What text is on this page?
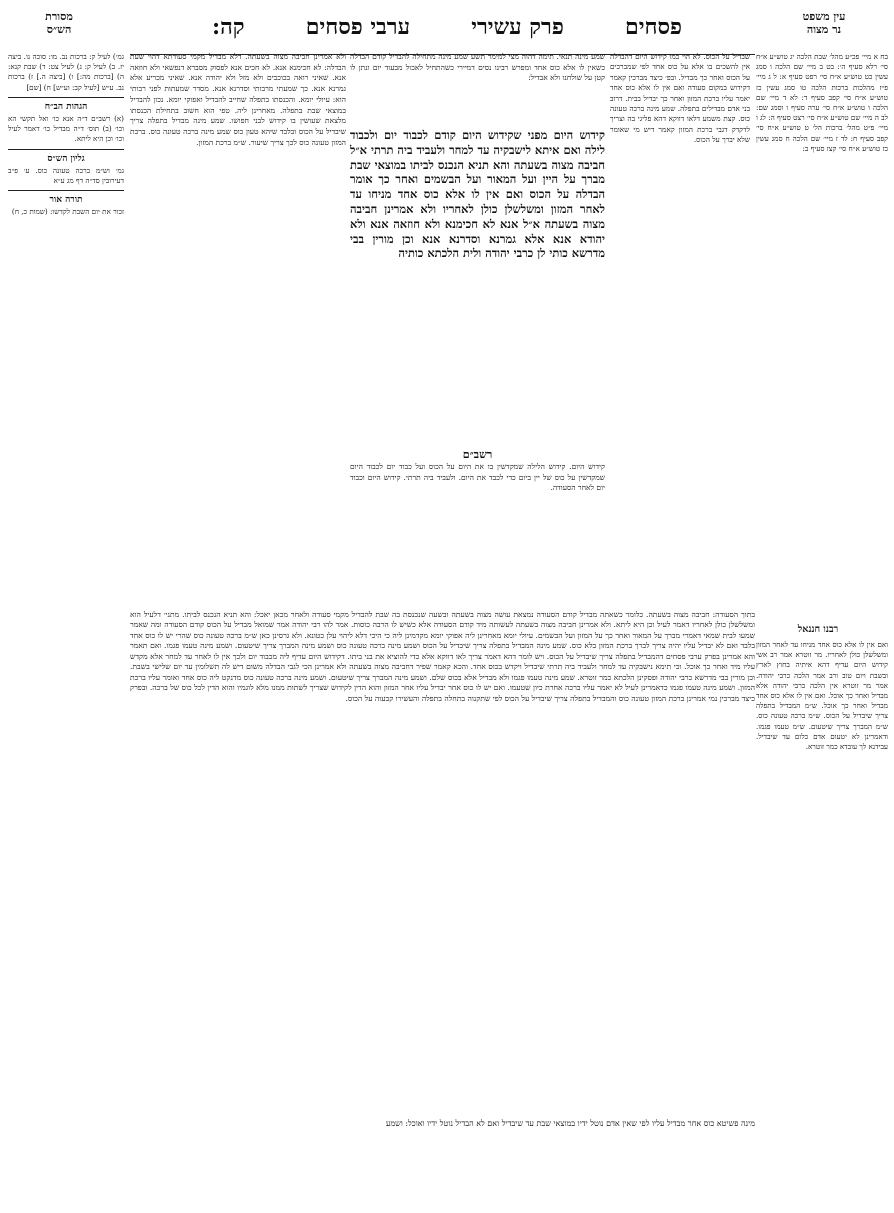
מסורת
הש״ס	פסחים
פרק עשירי
ערבי פסחים
קה:	עין משפט
נר מצוה
גמ׳) לעיל ק: ברכות נב. מו: סוכה נו. ביצה יז. ב) לעיל ק: ג) לעיל צט: ד) שבת קנא: ה) [ברכות מה:] ו) [ביצה ה.] ז) ברכות נב. ע״ש [לעיל קב: וע״ש] ח) [שם]
הגהות הב״ח
(א) רשב״ם ד״ה אנא כו׳ ואל תקשי הא וכו׳ (ב) תוס׳ ד״ה מבדיל כו׳ דאמר לעיל וכו׳ וכן היא ליתא.
גליון הש״ס
גמ׳ וש״מ ברכה טעונה כוס. ע׳ פ״ב דעירובין סד״ה דף מג ע״א
תורה אור
זכור את יום השבת לקדשו: (שמות כ, ח)
בח א מיי׳ פכ״ע מהל׳ שבת הלכה יג טוש״ע א״ח סי׳ רלא סעיף ה׳: בט ב מיי׳ שם הלכה ו סמג עשין כט טוש״ע א״ח סי׳ רפט סעיף א: ל ג מיי׳ פ״ז מהלכות ברכות הלכה טו סמג עשין כז טוש״ע א״ח סי׳ קפב סעיף ד: לא ד מיי׳ שם הלכה ו טוש״ע א״ח סי׳ ערה סעיף ו וסמג שם: לב ה מיי׳ שם טוש״ע א״ח סי׳ רצט סעיף ה: לג ו מיי׳ פ״ט מהל׳ ברכות הל׳ ט טוש״ע א״ח סי׳ קפב סעיף ח: לד ז מיי׳ שם הלכה ח סמג עשין כז טוש״ע א״ח סי׳ קצז סעיף ב:
ולא אמרינן חביבה מצוה בשעתה. דלא מבדיל מקמי סעודתא דהוי שעת הבדלה: לא חכימנא אנא. לא חכים אנא לפסוק מסברא דנפשאי ולא חוזאה אנא. שאיני רואה בכוכבים ולא מזל ולא יהודה אנא. שאיני מכריע אלא גמרנא אנא. כך שמעתי מרבותי וסדרנא אנא. מסדר שמעתות לפני רבותי הוא: עיולי יומא. והכנסתו בתפלה שחייב להבדיל ואפוקי יומא. נכון להבדיל במוצאי שבת בתפלה. מאחרינן ליה. טפי הוא חשוב בתחילת הכנסתו מלצאת שעושין בו קידוש לבני חפושו. שמע מינה מבדיל בתפלה צריך שיבדיל על הכוס ובלבד שיהא טעון כוס שמע מינה ברכה טעונה כוס. ברכת המזון טעונה כוס לכך צריך שיעור. ש״מ ברכת המזון.
שמע מינה תנאי. תימה דהוה מצי למימר תשע שמע מינה מתחילה להבדיל קודם הבדלה כשאין לו אלא כוס אחד ומפרש רבינו נסים דמיירי כשהתחיל לאכול מבעוד יום ונתן לו קטן על שולחנו ולא אבדיל:
שבדיל על הכוס. לא הוי כמו קידוש היום דהבדלה אין להשכים בו אלא על כוס אחד לפי שמברכים על הכוס ואחר כך מבדיל. ובפ׳ כיצד מברכין קאמר דקידוש במקום סעודה ואם אין לו אלא כוס אחד יאמר עליו ברכת המזון ואחר כך יבדיל בבית. דרוב בני אדם מבדילים בתפלה. שמע מינה ברכה טעונה כוס. קצת משמע דלאו דווקא דהא פליגי בה וצריך לדקדק דגבי ברכת המזון קאמר דיש מי שאומר שלא יברך על הכוס.
קידוש היום מפני שקידוש היום קודם לכבוד יום ולכבוד לילה ואם איתא לישבקיה עד למחר ולעביד ביה תרתי א״ל חביבה מצוה בשעתה והא תניא הנכנס לביתו במוצאי שבת מברך על היין ועל המאור ועל הבשמים ואחר כך אומר הבדלה על הכוס ואם אין לו אלא כוס אחד מניחו עד לאחר המזון ומשלשלן כולן לאחריו ולא אמרינן חביבה מצוה בשעתה א״ל אנא לא חכימנא ולא חוזאה אנא ולא יהודא אנא אלא גמרנא וסדרנא אנא וכן מורין בבי מדרשא כותי לן כרבי יהודה ולית הלכתא כותיה
רשב״ם
קידוש היום. קידוש הלילה שמקדשין בו את היום על הכוס ועל כבוד יום לכבוד היום שמקדשין על כוס של יין ביום כדי לכבד את היום. ולעביד ביה תרתי. קידוש היום וכבוד יום לאחר הסעודה.
בתוך הסעודה: חביבה מצוה בשעתה. כלומר כשאתה מבדיל קודם הסעודה נמצאת עושה מצוה בשעתה ובשעה שנכנסת בה שבת להבדיל מקמי סעודה ולאחר מכאן יאכל: והא תניא הנכנס לביתו. מתני׳ דלעיל הוא ומשלשלן כולן לאחריו דאמר לעיל וכן היא ליתא. ולא אמרינן חביבה מצוה בשעתה לעשותה מיד קודם הסעודה אלא כשיש לו הרבה כוסות. אמר להו רבי יהודה אמר שמואל מבדיל על הכוס קודם הסעודה ומה שאמר שמעו לבית שמאי דאמרי מברך על המאור ואחר כך על המזון ועל הבשמים. עיולי יומא מאחרינן ליה אפוקי יומא מקדמינן ליה כי היכי דלא ליהוי עלן כטונא. ולא גרסינן כאן ש״מ ברכה טעונה כוס שהרי יש לו כוס אחד בלבד ואם לא יבדיל עליו יהיה צריך לברך ברכת המזון בלא כוס. שמע מינה המבדיל בתפלה צריך שיבדיל על הכוס ושמע מינה ברכה טעונה כוס ושמע מינה המברך צריך שיטעום. ושמע מינה טעמו פגמו. ואם תאמר והא אמרינן בפרק ערבי פסחים דהמבדיל בתפלה צריך שיבדיל על הכוס. ויש לומר דהא דאמר צריך לאו דווקא אלא כדי להוציא את בני ביתו. דקידוש היום עדיף ליה מכבוד יום ולכך אין לו לאחר עד למחר אלא מקדש עליו מיד ואחר כך אוכל. וכי תימא נישבקיה עד למחר ולעביד ביה תרתי שיבדיל ויקדש בכוס אחד. והכא קאמר שפיר דחביבה מצוה בשעתה ולא אמרינן הכי לגבי הבדלה משום דיש לה תשלומין עד יום שלישי בשבת. וכן מורין בבי מדרשא כרבי יהודה ופסקינן הלכתא כמר זוטרא. שמע מינה טעמו פגמו ולא מבדיל אלא בכוס שלם. ושמע מינה המברך צריך שיטעום. ושמע מינה ברכה טעונה כוס מדנקט ליה כוס אחד ואומר עליו ברכת המזון. ושמע מינה טעמו פגמו כדאמרינן לעיל לא יאמר עליו ברכה אחרת כיון שטעמו. ואם יש לו כוס אחר יבדיל עליו אחר המזון והוא הדין לקידוש שצריך לשתות ממנו מלא לוגמיו והוא הדין לכל כוס של ברכה. ובפרק כיצד מברכין נמי אמרינן ברכת המזון טעונה כוס והמבדיל בתפלה צריך שיבדיל על הכוס לפי שתקנוה בתחלה בתפלה והעשירו קבעוה על הכוס.
רבנו חננאל
ואם אין לו אלא כוס אחד מניחו עד לאחר המזון ומשלשלן כולן לאחריו. מר זוטרא אמר רב אשי קידוש היום עדיף דהא איתיה בחוץ לארץ ובשבת ויום טוב ורב אמר הלכה כרבי יהודה. אמר מר זוטרא אין הלכה כרבי יהודה אלא מבדיל ואחר כך אוכל. ואם אין לו אלא כוס אחד מבדיל ואחר כך אוכל. ש״מ המבדיל בתפלה צריך שיבדיל על הכוס. ש״מ ברכה טעונה כוס. ש״מ המברך צריך שיטעום. ש״מ טעמו פגמו. ודאמרינן לא יטעום אדם כלום עד שיבדיל. עבידנא לך עובדא כמר זוטרא.
מינה פשיטא כוס אחר מבדיל עליו לפי שאין אדם נוטל ידיו במוצאי שבת עד שיבדיל ואם לא הבדיל נוטל ידיו ואוכל: ושמע
